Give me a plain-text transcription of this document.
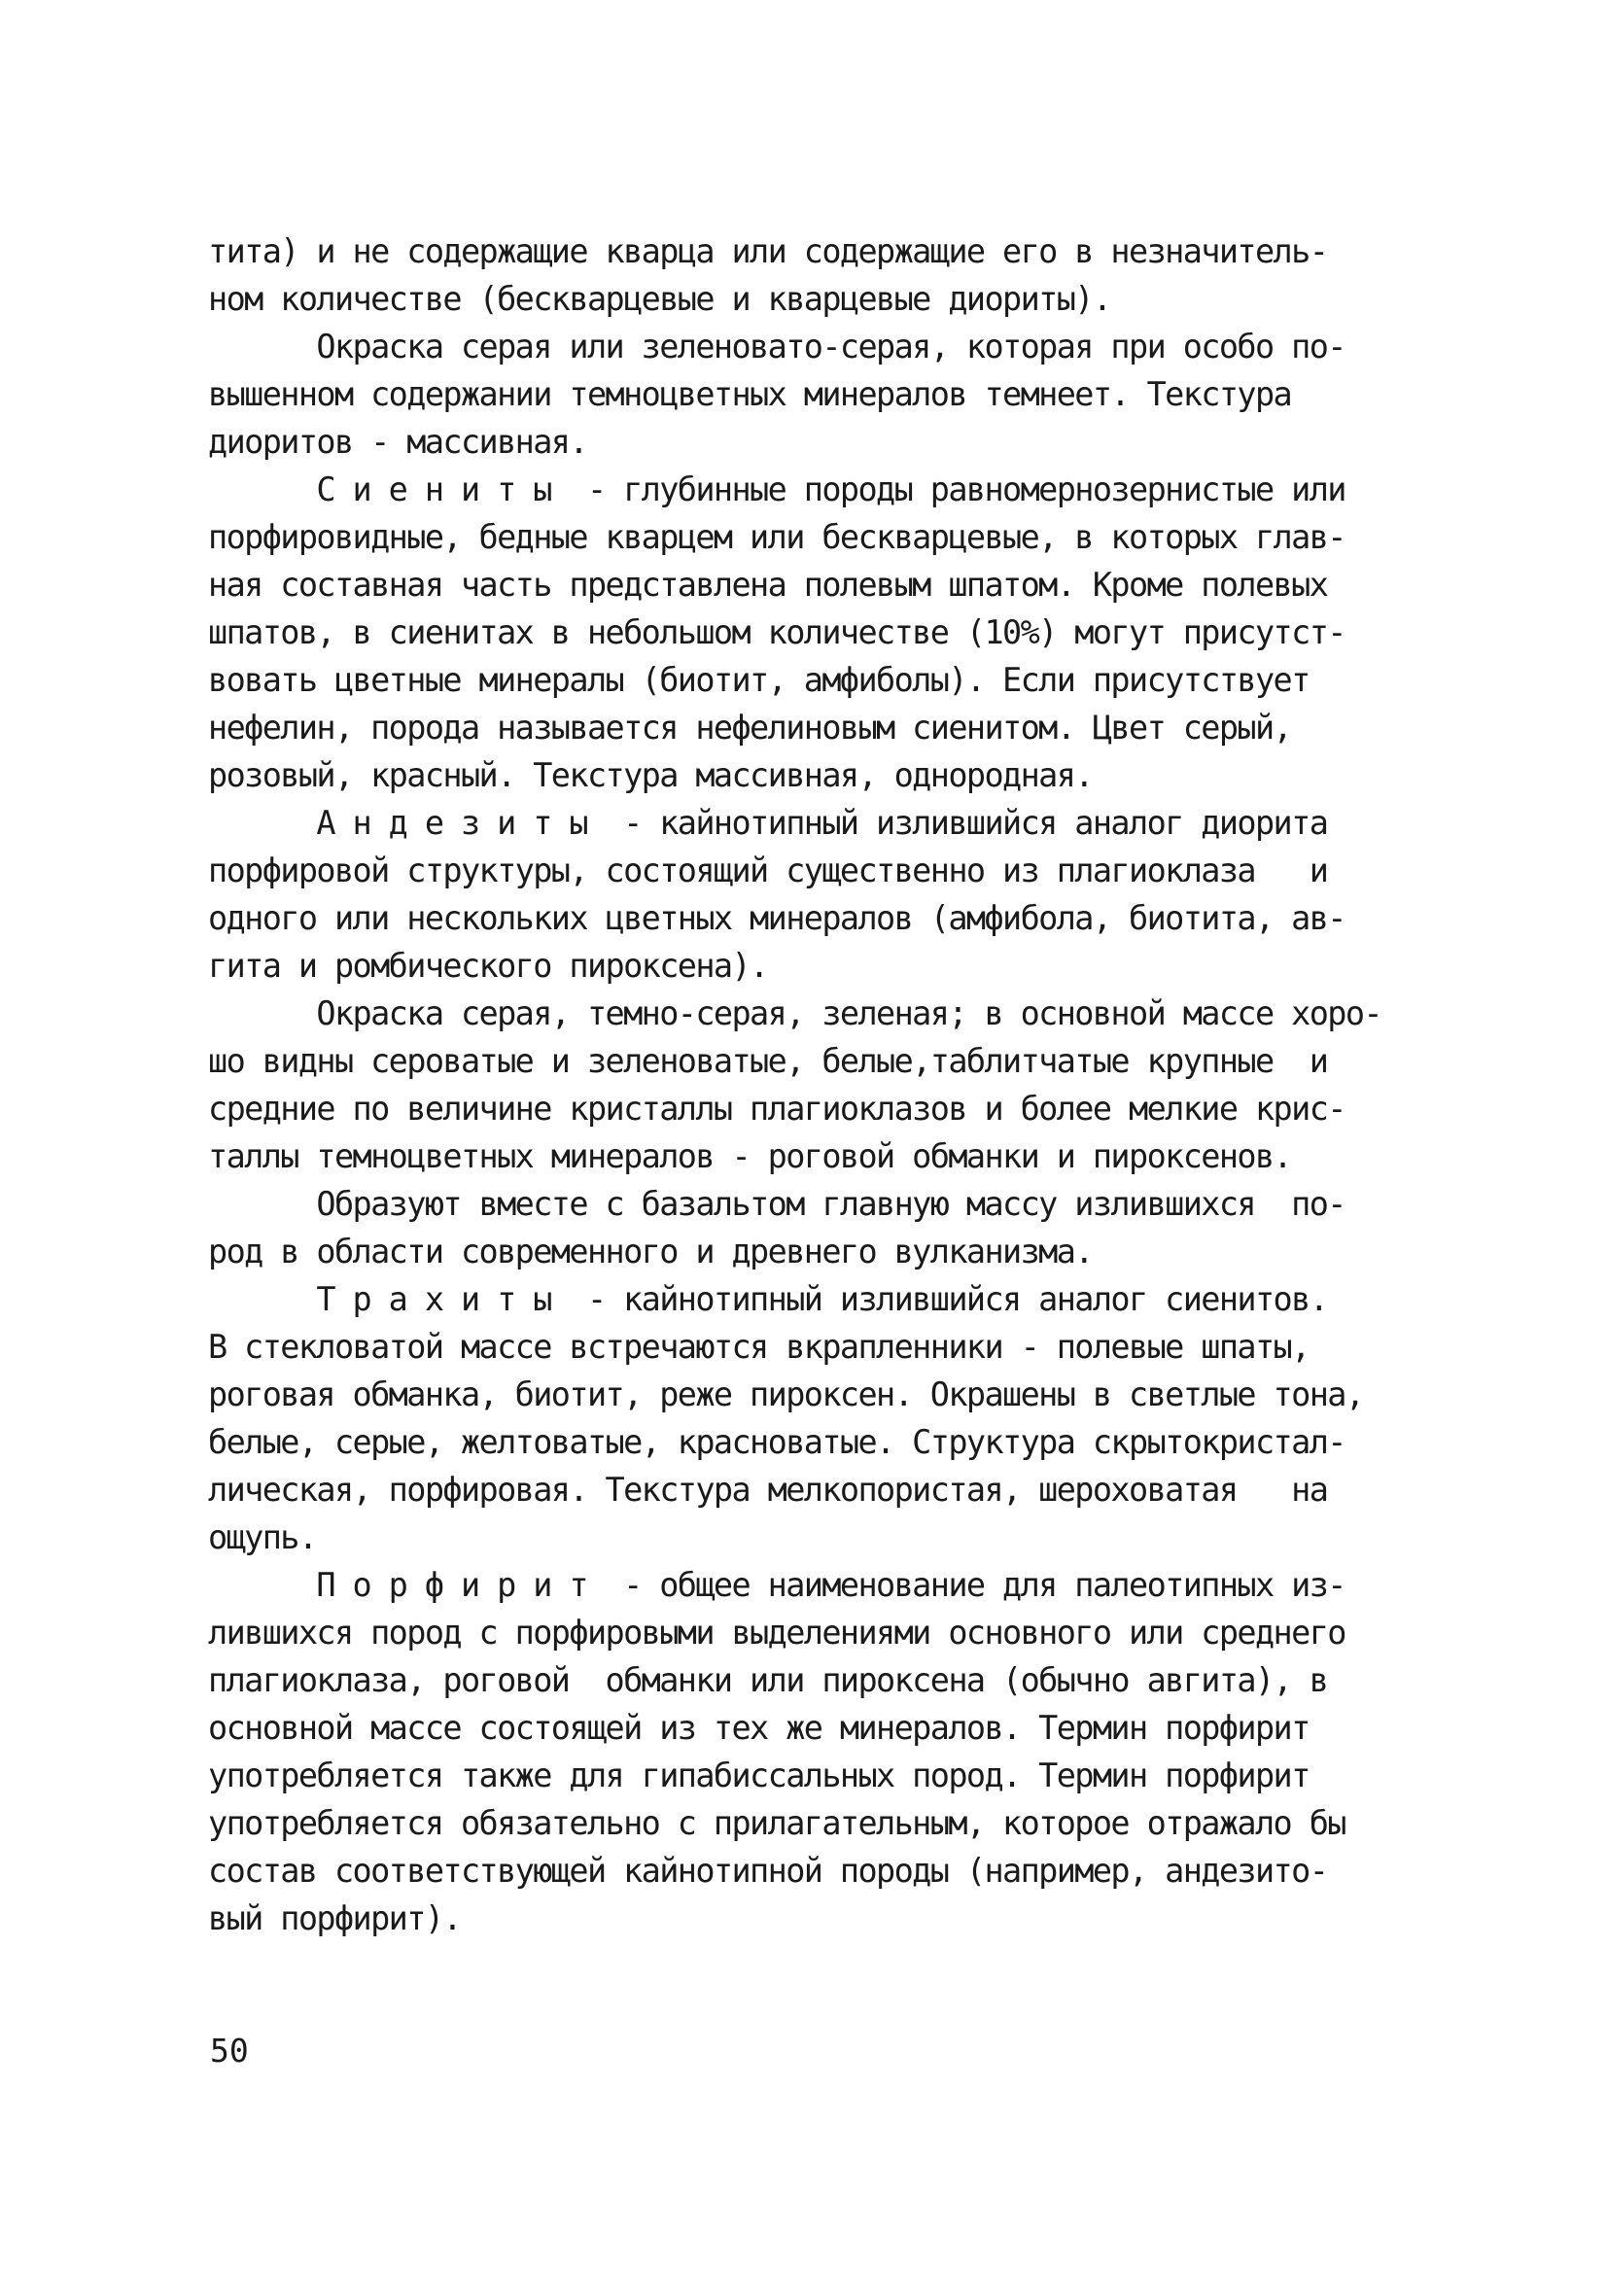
тита) и не содержащие кварца или содержащие его в незначитель-
ном количестве (бескварцевые и кварцевые диориты).
Окраска серая или зеленовато-серая, которая при особо по-
вышенном содержании темноцветных минералов темнеет. Текстура
диоритов - массивная.
С и е н и т ы  - глубинные породы равномернозернистые или
порфировидные, бедные кварцем или бескварцевые, в которых глав-
ная составная часть представлена полевым шпатом. Кроме полевых
шпатов, в сиенитах в небольшом количестве (10%) могут присутст-
вовать цветные минералы (биотит, амфиболы). Если присутствует
нефелин, порода называется нефелиновым сиенитом. Цвет серый,
розовый, красный. Текстура массивная, однородная.
А н д е з и т ы  - кайнотипный излившийся аналог диорита
порфировой структуры, состоящий существенно из плагиоклаза   и
одного или нескольких цветных минералов (амфибола, биотита, ав-
гита и ромбического пироксена).
Окраска серая, темно-серая, зеленая; в основной массе хоро-
шо видны сероватые и зеленоватые, белые,таблитчатые крупные  и
средние по величине кристаллы плагиоклазов и более мелкие крис-
таллы темноцветных минералов - роговой обманки и пироксенов.
Образуют вместе с базальтом главную массу излившихся  по-
род в области современного и древнего вулканизма.
Т р а х и т ы  - кайнотипный излившийся аналог сиенитов.
В стекловатой массе встречаются вкрапленники - полевые шпаты,
роговая обманка, биотит, реже пироксен. Окрашены в светлые тона,
белые, серые, желтоватые, красноватые. Структура скрытокристал-
лическая, порфировая. Текстура мелкопористая, шероховатая   на
ощупь.
П о р ф и р и т  - общее наименование для палеотипных из-
лившихся пород с порфировыми выделениями основного или среднего
плагиоклаза, роговой  обманки или пироксена (обычно авгита), в
основной массе состоящей из тех же минералов. Термин порфирит
употребляется также для гипабиссальных пород. Термин порфирит
употребляется обязательно с прилагательным, которое отражало бы
состав соответствующей кайнотипной породы (например, андезито-
вый порфирит).
50
